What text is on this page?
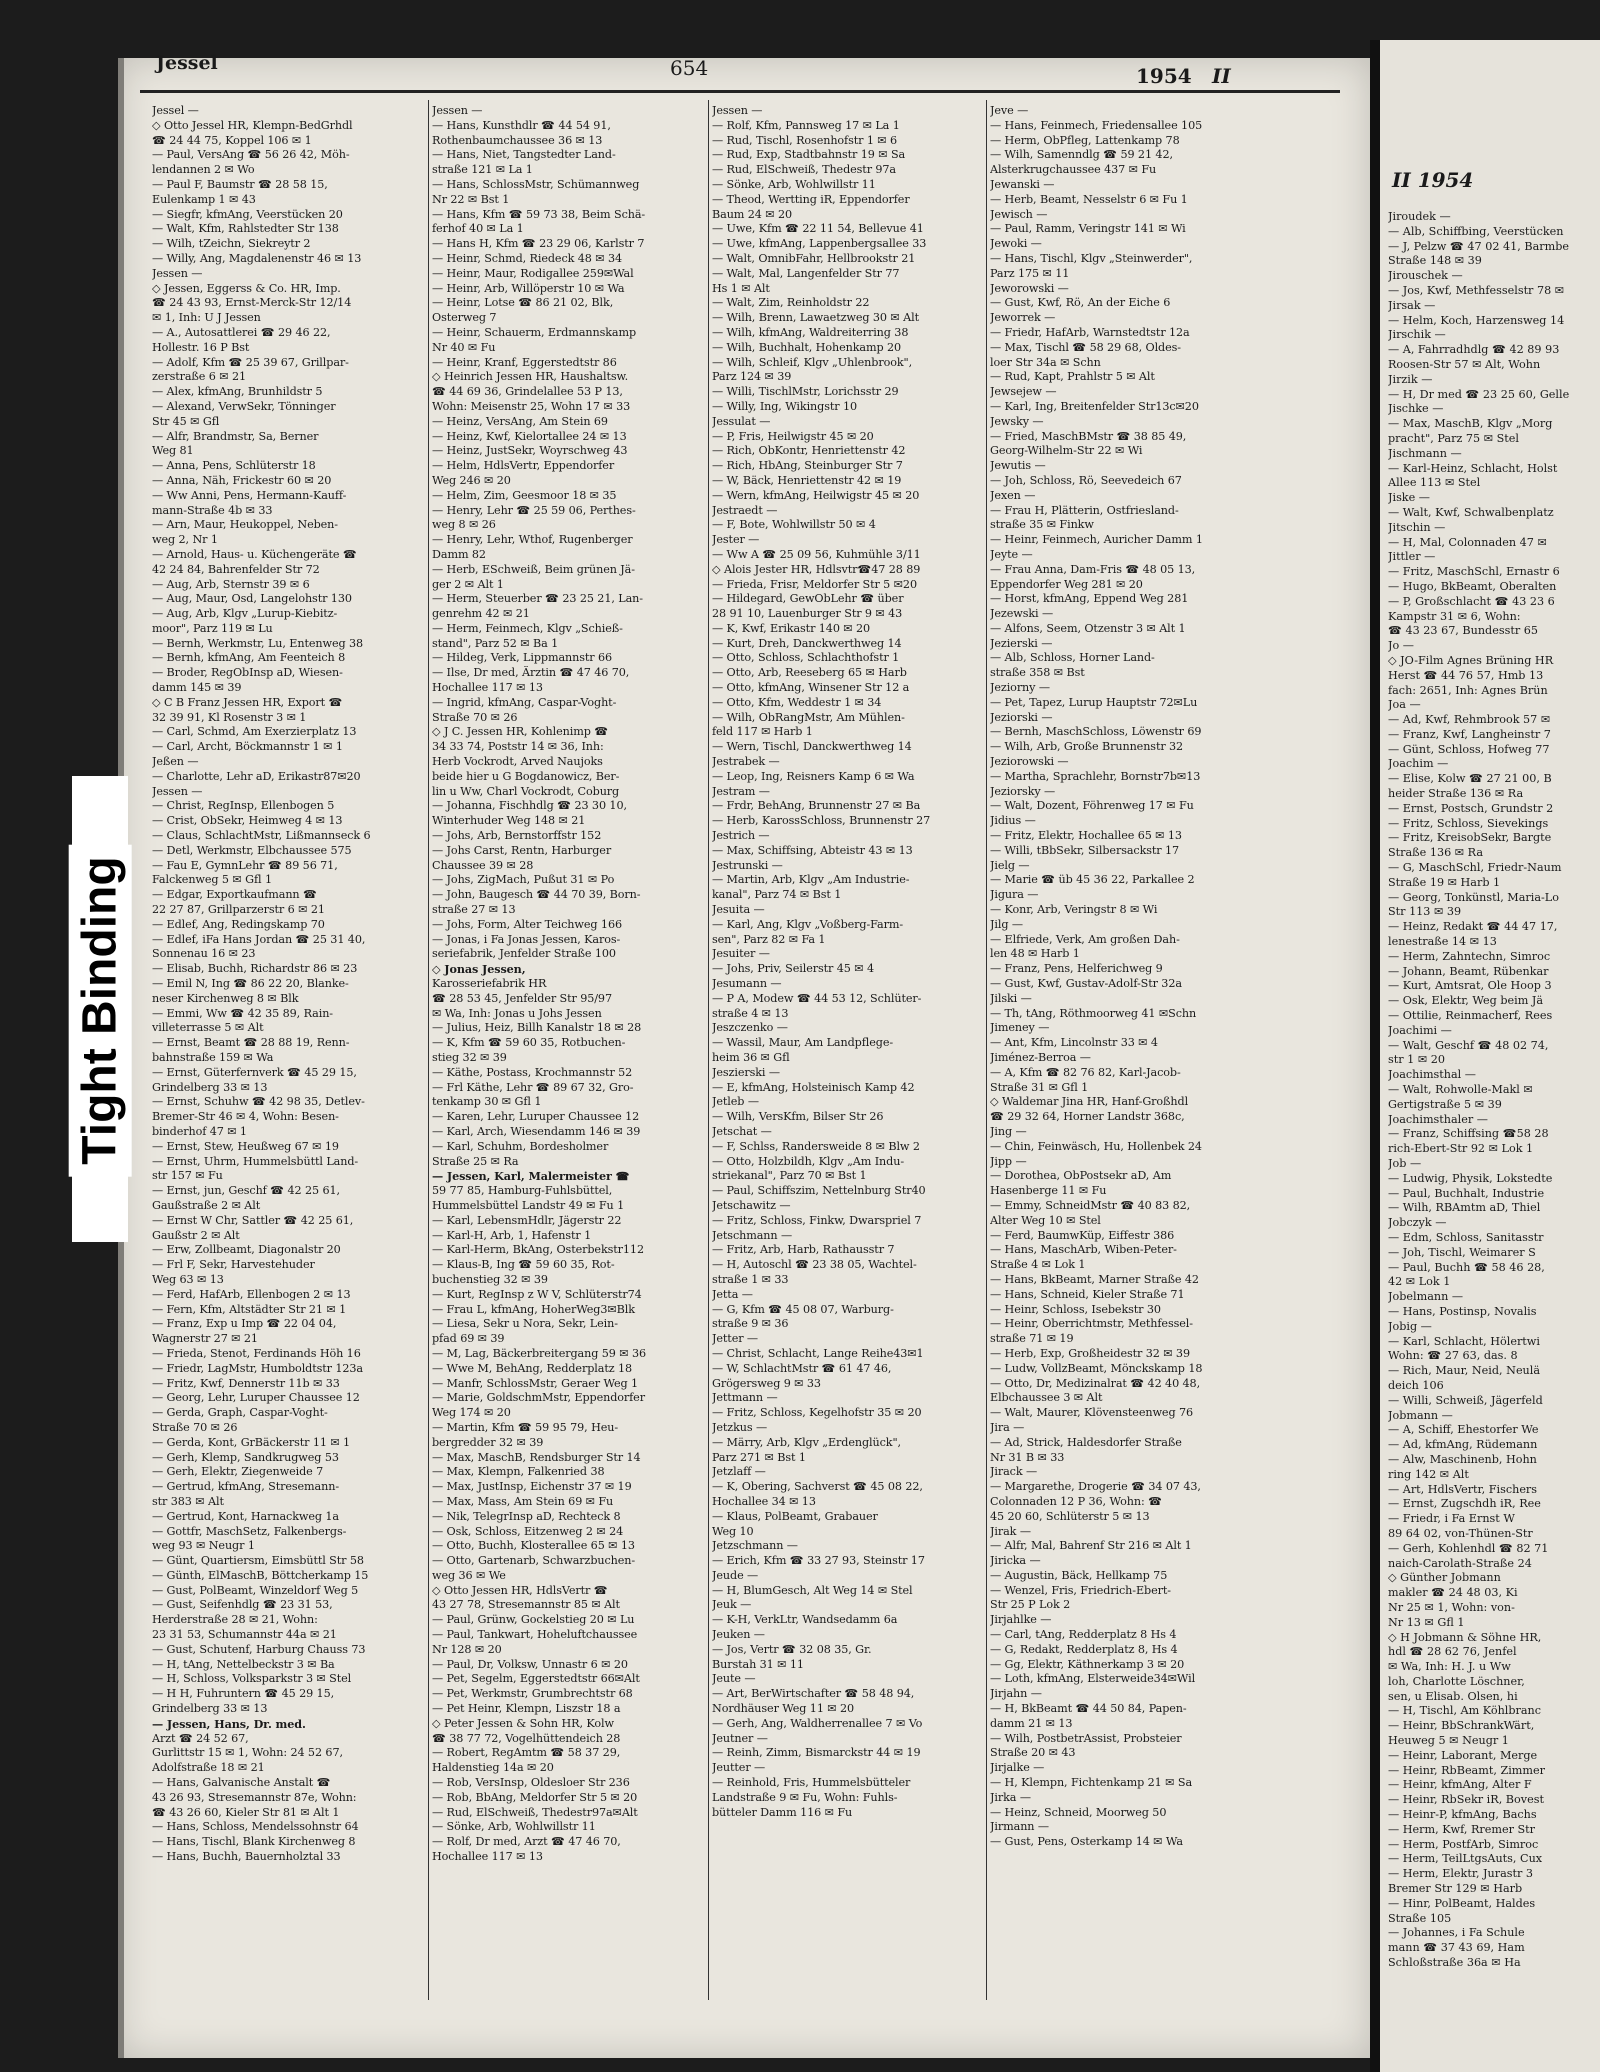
Jessel	654	1954 II
Jessel —
◇ Otto Jessel HR, Klempn-BedGrhdl
☎ 24 44 75, Koppel 106 ✉ 1
— Paul, VersAng ☎ 56 26 42, Möh-
lendannen 2 ✉ Wo
— Paul F, Baumstr ☎ 28 58 15,
Eulenkamp 1 ✉ 43
— Siegfr, kfmAng, Veerstücken 20
— Walt, Kfm, Rahlstedter Str 138
— Wilh, tZeichn, Siekreytr 2
— Willy, Ang, Magdalenenstr 46 ✉ 13
Jessen —
◇ Jessen, Eggerss & Co. HR, Imp.
☎ 24 43 93, Ernst-Merck-Str 12/14
✉ 1, Inh: U J Jessen
— A., Autosattlerei ☎ 29 46 22,
Hollestr. 16 P Bst
— Adolf, Kfm ☎ 25 39 67, Grillpar-
zerstraße 6 ✉ 21
— Alex, kfmAng, Brunhildstr 5
— Alexand, VerwSekr, Tönninger
Str 45 ✉ Gfl
— Alfr, Brandmstr, Sa, Berner
Weg 81
— Anna, Pens, Schlüterstr 18
— Anna, Näh, Frickestr 60 ✉ 20
— Ww Anni, Pens, Hermann-Kauff-
mann-Straße 4b ✉ 33
— Arn, Maur, Heukoppel, Neben-
weg 2, Nr 1
— Arnold, Haus- u. Küchengeräte ☎
42 24 84, Bahrenfelder Str 72
— Aug, Arb, Sternstr 39 ✉ 6
— Aug, Maur, Osd, Langelohstr 130
— Aug, Arb, Klgv „Lurup-Kiebitz-
moor", Parz 119 ✉ Lu
— Bernh, Werkmstr, Lu, Entenweg 38
— Bernh, kfmAng, Am Feenteich 8
— Broder, RegObInsp aD, Wiesen-
damm 145 ✉ 39
◇ C B Franz Jessen HR, Export ☎
32 39 91, Kl Rosenstr 3 ✉ 1
— Carl, Schmd, Am Exerzierplatz 13
— Carl, Archt, Böckmannstr 1 ✉ 1
Jeßen —
— Charlotte, Lehr aD, Erikastr87✉20
Jessen —
— Christ, RegInsp, Ellenbogen 5
— Crist, ObSekr, Heimweg 4 ✉ 13
— Claus, SchlachtMstr, Lißmannseck 6
— Detl, Werkmstr, Elbchaussee 575
— Fau E, GymnLehr ☎ 89 56 71,
Falckenweg 5 ✉ Gfl 1
— Edgar, Exportkaufmann ☎
22 27 87, Grillparzerstr 6 ✉ 21
— Edlef, Ang, Redingskamp 70
— Edlef, iFa Hans Jordan ☎ 25 31 40,
Sonnenau 16 ✉ 23
— Elisab, Buchh, Richardstr 86 ✉ 23
— Emil N, Ing ☎ 86 22 20, Blanke-
neser Kirchenweg 8 ✉ Blk
— Emmi, Ww ☎ 42 35 89, Rain-
villeterrasse 5 ✉ Alt
— Ernst, Beamt ☎ 28 88 19, Renn-
bahnstraße 159 ✉ Wa
— Ernst, Güterfernverk ☎ 45 29 15,
Grindelberg 33 ✉ 13
— Ernst, Schuhw ☎ 42 98 35, Detlev-
Bremer-Str 46 ✉ 4, Wohn: Besen-
binderhof 47 ✉ 1
— Ernst, Stew, Heußweg 67 ✉ 19
— Ernst, Uhrm, Hummelsbüttl Land-
str 157 ✉ Fu
— Ernst, jun, Geschf ☎ 42 25 61,
Gaußstraße 2 ✉ Alt
— Ernst W Chr, Sattler ☎ 42 25 61,
Gaußstr 2 ✉ Alt
— Erw, Zollbeamt, Diagonalstr 20
— Frl F, Sekr, Harvestehuder
Weg 63 ✉ 13
— Ferd, HafArb, Ellenbogen 2 ✉ 13
— Fern, Kfm, Altstädter Str 21 ✉ 1
— Franz, Exp u Imp ☎ 22 04 04,
Wagnerstr 27 ✉ 21
— Frieda, Stenot, Ferdinands Höh 16
— Friedr, LagMstr, Humboldtstr 123a
— Fritz, Kwf, Dennerstr 11b ✉ 33
— Georg, Lehr, Luruper Chaussee 12
— Gerda, Graph, Caspar-Voght-
Straße 70 ✉ 26
— Gerda, Kont, GrBäckerstr 11 ✉ 1
— Gerh, Klemp, Sandkrugweg 53
— Gerh, Elektr, Ziegenweide 7
— Gertrud, kfmAng, Stresemann-
str 383 ✉ Alt
— Gertrud, Kont, Harnackweg 1a
— Gottfr, MaschSetz, Falkenbergs-
weg 93 ✉ Neugr 1
— Günt, Quartiersm, Eimsbüttl Str 58
— Günth, ElMaschB, Böttcherkamp 15
— Gust, PolBeamt, Winzeldorf Weg 5
— Gust, Seifenhdlg ☎ 23 31 53,
Herderstraße 28 ✉ 21, Wohn:
23 31 53, Schumannstr 44a ✉ 21
— Gust, Schutenf, Harburg Chauss 73
— H, tAng, Nettelbeckstr 3 ✉ Ba
— H, Schloss, Volksparkstr 3 ✉ Stel
— H H, Fuhruntern ☎ 45 29 15,
Grindelberg 33 ✉ 13
— Jessen, Hans, Dr. med.
Arzt ☎ 24 52 67,
Gurlittstr 15 ✉ 1, Wohn: 24 52 67,
Adolfstraße 18 ✉ 21
— Hans, Galvanische Anstalt ☎
43 26 93, Stresemannstr 87e, Wohn:
☎ 43 26 60, Kieler Str 81 ✉ Alt 1
— Hans, Schloss, Mendelssohnstr 64
— Hans, Tischl, Blank Kirchenweg 8
— Hans, Buchh, Bauernholztal 33
Jessen —
— Hans, Kunsthdlr ☎ 44 54 91,
Rothenbaumchaussee 36 ✉ 13
— Hans, Niet, Tangstedter Land-
straße 121 ✉ La 1
— Hans, SchlossMstr, Schümannweg
Nr 22 ✉ Bst 1
— Hans, Kfm ☎ 59 73 38, Beim Schä-
ferhof 40 ✉ La 1
— Hans H, Kfm ☎ 23 29 06, Karlstr 7
— Heinr, Schmd, Riedeck 48 ✉ 34
— Heinr, Maur, Rodigallee 259✉Wal
— Heinr, Arb, Willöperstr 10 ✉ Wa
— Heinr, Lotse ☎ 86 21 02, Blk,
Osterweg 7
— Heinr, Schauerm, Erdmannskamp
Nr 40 ✉ Fu
— Heinr, Kranf, Eggerstedtstr 86
◇ Heinrich Jessen HR, Haushaltsw.
☎ 44 69 36, Grindelallee 53 P 13,
Wohn: Meisenstr 25, Wohn 17 ✉ 33
— Heinz, VersAng, Am Stein 69
— Heinz, Kwf, Kielortallee 24 ✉ 13
— Heinz, JustSekr, Woyrschweg 43
— Helm, HdlsVertr, Eppendorfer
Weg 246 ✉ 20
— Helm, Zim, Geesmoor 18 ✉ 35
— Henry, Lehr ☎ 25 59 06, Perthes-
weg 8 ✉ 26
— Henry, Lehr, Wthof, Rugenberger
Damm 82
— Herb, ESchweiß, Beim grünen Jä-
ger 2 ✉ Alt 1
— Herm, Steuerber ☎ 23 25 21, Lan-
genrehm 42 ✉ 21
— Herm, Feinmech, Klgv „Schieß-
stand", Parz 52 ✉ Ba 1
— Hildeg, Verk, Lippmannstr 66
— Ilse, Dr med, Ärztin ☎ 47 46 70,
Hochallee 117 ✉ 13
— Ingrid, kfmAng, Caspar-Voght-
Straße 70 ✉ 26
◇ J C. Jessen HR, Kohlenimp ☎
34 33 74, Poststr 14 ✉ 36, Inh:
Herb Vockrodt, Arved Naujoks
beide hier u G Bogdanowicz, Ber-
lin u Ww, Charl Vockrodt, Coburg
— Johanna, Fischhdlg ☎ 23 30 10,
Winterhuder Weg 148 ✉ 21
— Johs, Arb, Bernstorffstr 152
— Johs Carst, Rentn, Harburger
Chaussee 39 ✉ 28
— Johs, ZigMach, Pußut 31 ✉ Po
— John, Baugesch ☎ 44 70 39, Born-
straße 27 ✉ 13
— Johs, Form, Alter Teichweg 166
— Jonas, i Fa Jonas Jessen, Karos-
seriefabrik, Jenfelder Straße 100
◇ Jonas Jessen,
Karosseriefabrik HR
☎ 28 53 45, Jenfelder Str 95/97
✉ Wa, Inh: Jonas u Johs Jessen
— Julius, Heiz, Billh Kanalstr 18 ✉ 28
— K, Kfm ☎ 59 60 35, Rotbuchen-
stieg 32 ✉ 39
— Käthe, Postass, Krochmannstr 52
— Frl Käthe, Lehr ☎ 89 67 32, Gro-
tenkamp 30 ✉ Gfl 1
— Karen, Lehr, Luruper Chaussee 12
— Karl, Arch, Wiesendamm 146 ✉ 39
— Karl, Schuhm, Bordesholmer
Straße 25 ✉ Ra
— Jessen, Karl, Malermeister ☎
59 77 85, Hamburg-Fuhlsbüttel,
Hummelsbüttel Landstr 49 ✉ Fu 1
— Karl, LebensmHdlr, Jägerstr 22
— Karl-H, Arb, 1, Hafenstr 1
— Karl-Herm, BkAng, Osterbekstr112
— Klaus-B, Ing ☎ 59 60 35, Rot-
buchenstieg 32 ✉ 39
— Kurt, RegInsp z W V, Schlüterstr74
— Frau L, kfmAng, HoherWeg3✉Blk
— Liesa, Sekr u Nora, Sekr, Lein-
pfad 69 ✉ 39
— M, Lag, Bäckerbreitergang 59 ✉ 36
— Wwe M, BehAng, Redderplatz 18
— Manfr, SchlossMstr, Geraer Weg 1
— Marie, GoldschmMstr, Eppendorfer
Weg 174 ✉ 20
— Martin, Kfm ☎ 59 95 79, Heu-
bergredder 32 ✉ 39
— Max, MaschB, Rendsburger Str 14
— Max, Klempn, Falkenried 38
— Max, JustInsp, Eichenstr 37 ✉ 19
— Max, Mass, Am Stein 69 ✉ Fu
— Nik, TelegrInsp aD, Rechteck 8
— Osk, Schloss, Eitzenweg 2 ✉ 24
— Otto, Buchh, Klosterallee 65 ✉ 13
— Otto, Gartenarb, Schwarzbuchen-
weg 36 ✉ We
◇ Otto Jessen HR, HdlsVertr ☎
43 27 78, Stresemannstr 85 ✉ Alt
— Paul, Grünw, Gockelstieg 20 ✉ Lu
— Paul, Tankwart, Hoheluftchaussee
Nr 128 ✉ 20
— Paul, Dr, Volksw, Unnastr 6 ✉ 20
— Pet, Segelm, Eggerstedtstr 66✉Alt
— Pet, Werkmstr, Grumbrechtstr 68
— Pet Heinr, Klempn, Liszstr 18 a
◇ Peter Jessen & Sohn HR, Kolw
☎ 38 77 72, Vogelhüttendeich 28
— Robert, RegAmtm ☎ 58 37 29,
Haldenstieg 14a ✉ 20
— Rob, VersInsp, Oldesloer Str 236
— Rob, BbAng, Meldorfer Str 5 ✉ 20
— Rud, ElSchweiß, Thedestr97a✉Alt
— Sönke, Arb, Wohlwillstr 11
— Rolf, Dr med, Arzt ☎ 47 46 70,
Hochallee 117 ✉ 13
Jessen —
— Rolf, Kfm, Pannsweg 17 ✉ La 1
— Rud, Tischl, Rosenhofstr 1 ✉ 6
— Rud, Exp, Stadtbahnstr 19 ✉ Sa
— Rud, ElSchweiß, Thedestr 97a
— Sönke, Arb, Wohlwillstr 11
— Theod, Wertting iR, Eppendorfer
Baum 24 ✉ 20
— Uwe, Kfm ☎ 22 11 54, Bellevue 41
— Uwe, kfmAng, Lappenbergsallee 33
— Walt, OmnibFahr, Hellbrookstr 21
— Walt, Mal, Langenfelder Str 77
Hs 1 ✉ Alt
— Walt, Zim, Reinholdstr 22
— Wilh, Brenn, Lawaetzweg 30 ✉ Alt
— Wilh, kfmAng, Waldreiterring 38
— Wilh, Buchhalt, Hohenkamp 20
— Wilh, Schleif, Klgv „Uhlenbrook",
Parz 124 ✉ 39
— Willi, TischlMstr, Lorichsstr 29
— Willy, Ing, Wikingstr 10
Jessulat —
— P, Fris, Heilwigstr 45 ✉ 20
— Rich, ObKontr, Henriettenstr 42
— Rich, HbAng, Steinburger Str 7
— W, Bäck, Henriettenstr 42 ✉ 19
— Wern, kfmAng, Heilwigstr 45 ✉ 20
Jestraedt —
— F, Bote, Wohlwillstr 50 ✉ 4
Jester —
— Ww A ☎ 25 09 56, Kuhmühle 3/11
◇ Alois Jester HR, Hdlsvtr☎47 28 89
— Frieda, Frisr, Meldorfer Str 5 ✉20
— Hildegard, GewObLehr ☎ über
28 91 10, Lauenburger Str 9 ✉ 43
— K, Kwf, Erikastr 140 ✉ 20
— Kurt, Dreh, Danckwerthweg 14
— Otto, Schloss, Schlachthofstr 1
— Otto, Arb, Reeseberg 65 ✉ Harb
— Otto, kfmAng, Winsener Str 12 a
— Otto, Kfm, Weddestr 1 ✉ 34
— Wilh, ObRangMstr, Am Mühlen-
feld 117 ✉ Harb 1
— Wern, Tischl, Danckwerthweg 14
Jestrabek —
— Leop, Ing, Reisners Kamp 6 ✉ Wa
Jestram —
— Frdr, BehAng, Brunnenstr 27 ✉ Ba
— Herb, KarossSchloss, Brunnenstr 27
Jestrich —
— Max, Schiffsing, Abteistr 43 ✉ 13
Jestrunski —
— Martin, Arb, Klgv „Am Industrie-
kanal", Parz 74 ✉ Bst 1
Jesuita —
— Karl, Ang, Klgv „Voßberg-Farm-
sen", Parz 82 ✉ Fa 1
Jesuiter —
— Johs, Priv, Seilerstr 45 ✉ 4
Jesumann —
— P A, Modew ☎ 44 53 12, Schlüter-
straße 4 ✉ 13
Jeszczenko —
— Wassil, Maur, Am Landpflege-
heim 36 ✉ Gfl
Jeszierski —
— E, kfmAng, Holsteinisch Kamp 42
Jetleb —
— Wilh, VersKfm, Bilser Str 26
Jetschat —
— F, Schlss, Randersweide 8 ✉ Blw 2
— Otto, Holzbildh, Klgv „Am Indu-
striekanal", Parz 70 ✉ Bst 1
— Paul, Schiffszim, Nettelnburg Str40
Jetschawitz —
— Fritz, Schloss, Finkw, Dwarspriel 7
Jetschmann —
— Fritz, Arb, Harb, Rathausstr 7
— H, Autoschl ☎ 23 38 05, Wachtel-
straße 1 ✉ 33
Jetta —
— G, Kfm ☎ 45 08 07, Warburg-
straße 9 ✉ 36
Jetter —
— Christ, Schlacht, Lange Reihe43✉1
— W, SchlachtMstr ☎ 61 47 46,
Grögersweg 9 ✉ 33
Jettmann —
— Fritz, Schloss, Kegelhofstr 35 ✉ 20
Jetzkus —
— Märry, Arb, Klgv „Erdenglück",
Parz 271 ✉ Bst 1
Jetzlaff —
— K, Obering, Sachverst ☎ 45 08 22,
Hochallee 34 ✉ 13
— Klaus, PolBeamt, Grabauer
Weg 10
Jetzschmann —
— Erich, Kfm ☎ 33 27 93, Steinstr 17
Jeude —
— H, BlumGesch, Alt Weg 14 ✉ Stel
Jeuk —
— K-H, VerkLtr, Wandsedamm 6a
Jeuken —
— Jos, Vertr ☎ 32 08 35, Gr.
Burstah 31 ✉ 11
Jeute —
— Art, BerWirtschafter ☎ 58 48 94,
Nordhäuser Weg 11 ✉ 20
— Gerh, Ang, Waldherrenallee 7 ✉ Vo
Jeutner —
— Reinh, Zimm, Bismarckstr 44 ✉ 19
Jeutter —
— Reinhold, Fris, Hummelsbütteler
Landstraße 9 ✉ Fu, Wohn: Fuhls-
bütteler Damm 116 ✉ Fu
Jeve —
— Hans, Feinmech, Friedensallee 105
— Herm, ObPfleg, Lattenkamp 78
— Wilh, Samenndlg ☎ 59 21 42,
Alsterkrugchaussee 437 ✉ Fu
Jewanski —
— Herb, Beamt, Nesselstr 6 ✉ Fu 1
Jewisch —
— Paul, Ramm, Veringstr 141 ✉ Wi
Jewoki —
— Hans, Tischl, Klgv „Steinwerder",
Parz 175 ✉ 11
Jeworowski —
— Gust, Kwf, Rö, An der Eiche 6
Jeworrek —
— Friedr, HafArb, Warnstedtstr 12a
— Max, Tischl ☎ 58 29 68, Oldes-
loer Str 34a ✉ Schn
— Rud, Kapt, Prahlstr 5 ✉ Alt
Jewsejew —
— Karl, Ing, Breitenfelder Str13c✉20
Jewsky —
— Fried, MaschBMstr ☎ 38 85 49,
Georg-Wilhelm-Str 22 ✉ Wi
Jewutis —
— Joh, Schloss, Rö, Seevedeich 67
Jexen —
— Frau H, Plätterin, Ostfriesland-
straße 35 ✉ Finkw
— Heinr, Feinmech, Auricher Damm 1
Jeyte —
— Frau Anna, Dam-Fris ☎ 48 05 13,
Eppendorfer Weg 281 ✉ 20
— Horst, kfmAng, Eppend Weg 281
Jezewski —
— Alfons, Seem, Otzenstr 3 ✉ Alt 1
Jezierski —
— Alb, Schloss, Horner Land-
straße 358 ✉ Bst
Jeziorny —
— Pet, Tapez, Lurup Hauptstr 72✉Lu
Jeziorski —
— Bernh, MaschSchloss, Löwenstr 69
— Wilh, Arb, Große Brunnenstr 32
Jeziorowski —
— Martha, Sprachlehr, Bornstr7b✉13
Jeziorsky —
— Walt, Dozent, Föhrenweg 17 ✉ Fu
Jidius —
— Fritz, Elektr, Hochallee 65 ✉ 13
— Willi, tBbSekr, Silbersackstr 17
Jielg —
— Marie ☎ üb 45 36 22, Parkallee 2
Jigura —
— Konr, Arb, Veringstr 8 ✉ Wi
Jilg —
— Elfriede, Verk, Am großen Dah-
len 48 ✉ Harb 1
— Franz, Pens, Helferichweg 9
— Gust, Kwf, Gustav-Adolf-Str 32a
Jilski —
— Th, tAng, Röthmoorweg 41 ✉Schn
Jimeney —
— Ant, Kfm, Lincolnstr 33 ✉ 4
Jiménez-Berroa —
— A, Kfm ☎ 82 76 82, Karl-Jacob-
Straße 31 ✉ Gfl 1
◇ Waldemar Jina HR, Hanf-Großhdl
☎ 29 32 64, Horner Landstr 368c,
Jing —
— Chin, Feinwäsch, Hu, Hollenbek 24
Jipp —
— Dorothea, ObPostsekr aD, Am
Hasenberge 11 ✉ Fu
— Emmy, SchneidMstr ☎ 40 83 82,
Alter Weg 10 ✉ Stel
— Ferd, BaumwKüp, Eiffestr 386
— Hans, MaschArb, Wiben-Peter-
Straße 4 ✉ Lok 1
— Hans, BkBeamt, Marner Straße 42
— Hans, Schneid, Kieler Straße 71
— Heinr, Schloss, Isebekstr 30
— Heinr, Oberrichtmstr, Methfessel-
straße 71 ✉ 19
— Herb, Exp, Großheidestr 32 ✉ 39
— Ludw, VollzBeamt, Mönckskamp 18
— Otto, Dr, Medizinalrat ☎ 42 40 48,
Elbchaussee 3 ✉ Alt
— Walt, Maurer, Klövensteenweg 76
Jira —
— Ad, Strick, Haldesdorfer Straße
Nr 31 B ✉ 33
Jirack —
— Margarethe, Drogerie ☎ 34 07 43,
Colonnaden 12 P 36, Wohn: ☎
45 20 60, Schlüterstr 5 ✉ 13
Jirak —
— Alfr, Mal, Bahrenf Str 216 ✉ Alt 1
Jiricka —
— Augustin, Bäck, Hellkamp 75
— Wenzel, Fris, Friedrich-Ebert-
Str 25 P Lok 2
Jirjahlke —
— Carl, tAng, Redderplatz 8 Hs 4
— G, Redakt, Redderplatz 8, Hs 4
— Gg, Elektr, Käthnerkamp 3 ✉ 20
— Loth, kfmAng, Elsterweide34✉Wil
Jirjahn —
— H, BkBeamt ☎ 44 50 84, Papen-
damm 21 ✉ 13
— Wilh, PostbetrAssist, Probsteier
Straße 20 ✉ 43
Jirjalke —
— H, Klempn, Fichtenkamp 21 ✉ Sa
Jirka —
— Heinz, Schneid, Moorweg 50
Jirmann —
— Gust, Pens, Osterkamp 14 ✉ Wa
II 1954
Jiroudek —
— Alb, Schiffbing, Veerstücken
— J, Pelzw ☎ 47 02 41, Barmbe
Straße 148 ✉ 39
Jirouschek —
— Jos, Kwf, Methfesselstr 78 ✉
Jirsak —
— Helm, Koch, Harzensweg 14
Jirschik —
— A, Fahrradhdlg ☎ 42 89 93
Roosen-Str 57 ✉ Alt, Wohn
Jirzik —
— H, Dr med ☎ 23 25 60, Gelle
Jischke —
— Max, MaschB, Klgv „Morg
pracht", Parz 75 ✉ Stel
Jischmann —
— Karl-Heinz, Schlacht, Holst
Allee 113 ✉ Stel
Jiske —
— Walt, Kwf, Schwalbenplatz
Jitschin —
— H, Mal, Colonnaden 47 ✉
Jittler —
— Fritz, MaschSchl, Ernastr 6
— Hugo, BkBeamt, Oberalten
— P, Großschlacht ☎ 43 23 6
Kampstr 31 ✉ 6, Wohn:
☎ 43 23 67, Bundesstr 65
Jo —
◇ JO-Film Agnes Brüning HR
Herst ☎ 44 76 57, Hmb 13
fach: 2651, Inh: Agnes Brün
Joa —
— Ad, Kwf, Rehmbrook 57 ✉
— Franz, Kwf, Langheinstr 7
— Günt, Schloss, Hofweg 77
Joachim —
— Elise, Kolw ☎ 27 21 00, B
heider Straße 136 ✉ Ra
— Ernst, Postsch, Grundstr 2
— Fritz, Schloss, Sievekings
— Fritz, KreisobSekr, Bargte
Straße 136 ✉ Ra
— G, MaschSchl, Friedr-Naum
Straße 19 ✉ Harb 1
— Georg, Tonkünstl, Maria-Lo
Str 113 ✉ 39
— Heinz, Redakt ☎ 44 47 17,
lenestraße 14 ✉ 13
— Herm, Zahntechn, Simroc
— Johann, Beamt, Rübenkar
— Kurt, Amtsrat, Ole Hoop 3
— Osk, Elektr, Weg beim Jä
— Ottilie, Reinmacherf, Rees
Joachimi —
— Walt, Geschf ☎ 48 02 74,
str 1 ✉ 20
Joachimsthal —
— Walt, Rohwolle-Makl ✉
Gertigstraße 5 ✉ 39
Joachimsthaler —
— Franz, Schiffsing ☎58 28
rich-Ebert-Str 92 ✉ Lok 1
Job —
— Ludwig, Physik, Lokstedte
— Paul, Buchhalt, Industrie
— Wilh, RBAmtm aD, Thiel
Jobczyk —
— Edm, Schloss, Sanitasstr
— Joh, Tischl, Weimarer S
— Paul, Buchh ☎ 58 46 28,
42 ✉ Lok 1
Jobelmann —
— Hans, Postinsp, Novalis
Jobig —
— Karl, Schlacht, Hölertwi
Wohn: ☎ 27 63, das. 8
— Rich, Maur, Neid, Neulä
deich 106
— Willi, Schweiß, Jägerfeld
Jobmann —
— A, Schiff, Ehestorfer We
— Ad, kfmAng, Rüdemann
— Alw, Maschinenb, Hohn
ring 142 ✉ Alt
— Art, HdlsVertr, Fischers
— Ernst, Zugschdh iR, Ree
— Friedr, i Fa Ernst W
89 64 02, von-Thünen-Str
— Gerh, Kohlenhdl ☎ 82 71
naich-Carolath-Straße 24
◇ Günther Jobmann
makler ☎ 24 48 03, Ki
Nr 25 ✉ 1, Wohn: von-
Nr 13 ✉ Gfl 1
◇ H Jobmann & Söhne HR,
hdl ☎ 28 62 76, Jenfel
✉ Wa, Inh: H. J. u Ww
loh, Charlotte Löschner,
sen, u Elisab. Olsen, hi
— H, Tischl, Am Köhlbranc
— Heinr, BbSchrankWärt,
Heuweg 5 ✉ Neugr 1
— Heinr, Laborant, Merge
— Heinr, RbBeamt, Zimmer
— Heinr, kfmAng, Alter F
— Heinr, RbSekr iR, Bovest
— Heinr-P, kfmAng, Bachs
— Herm, Kwf, Rremer Str
— Herm, PostfArb, Simroc
— Herm, TeilLtgsAuts, Cux
— Herm, Elektr, Jurastr 3
Bremer Str 129 ✉ Harb
— Hinr, PolBeamt, Haldes
Straße 105
— Johannes, i Fa Schule
mann ☎ 37 43 69, Ham
Schloßstraße 36a ✉ Ha
Tight Binding
